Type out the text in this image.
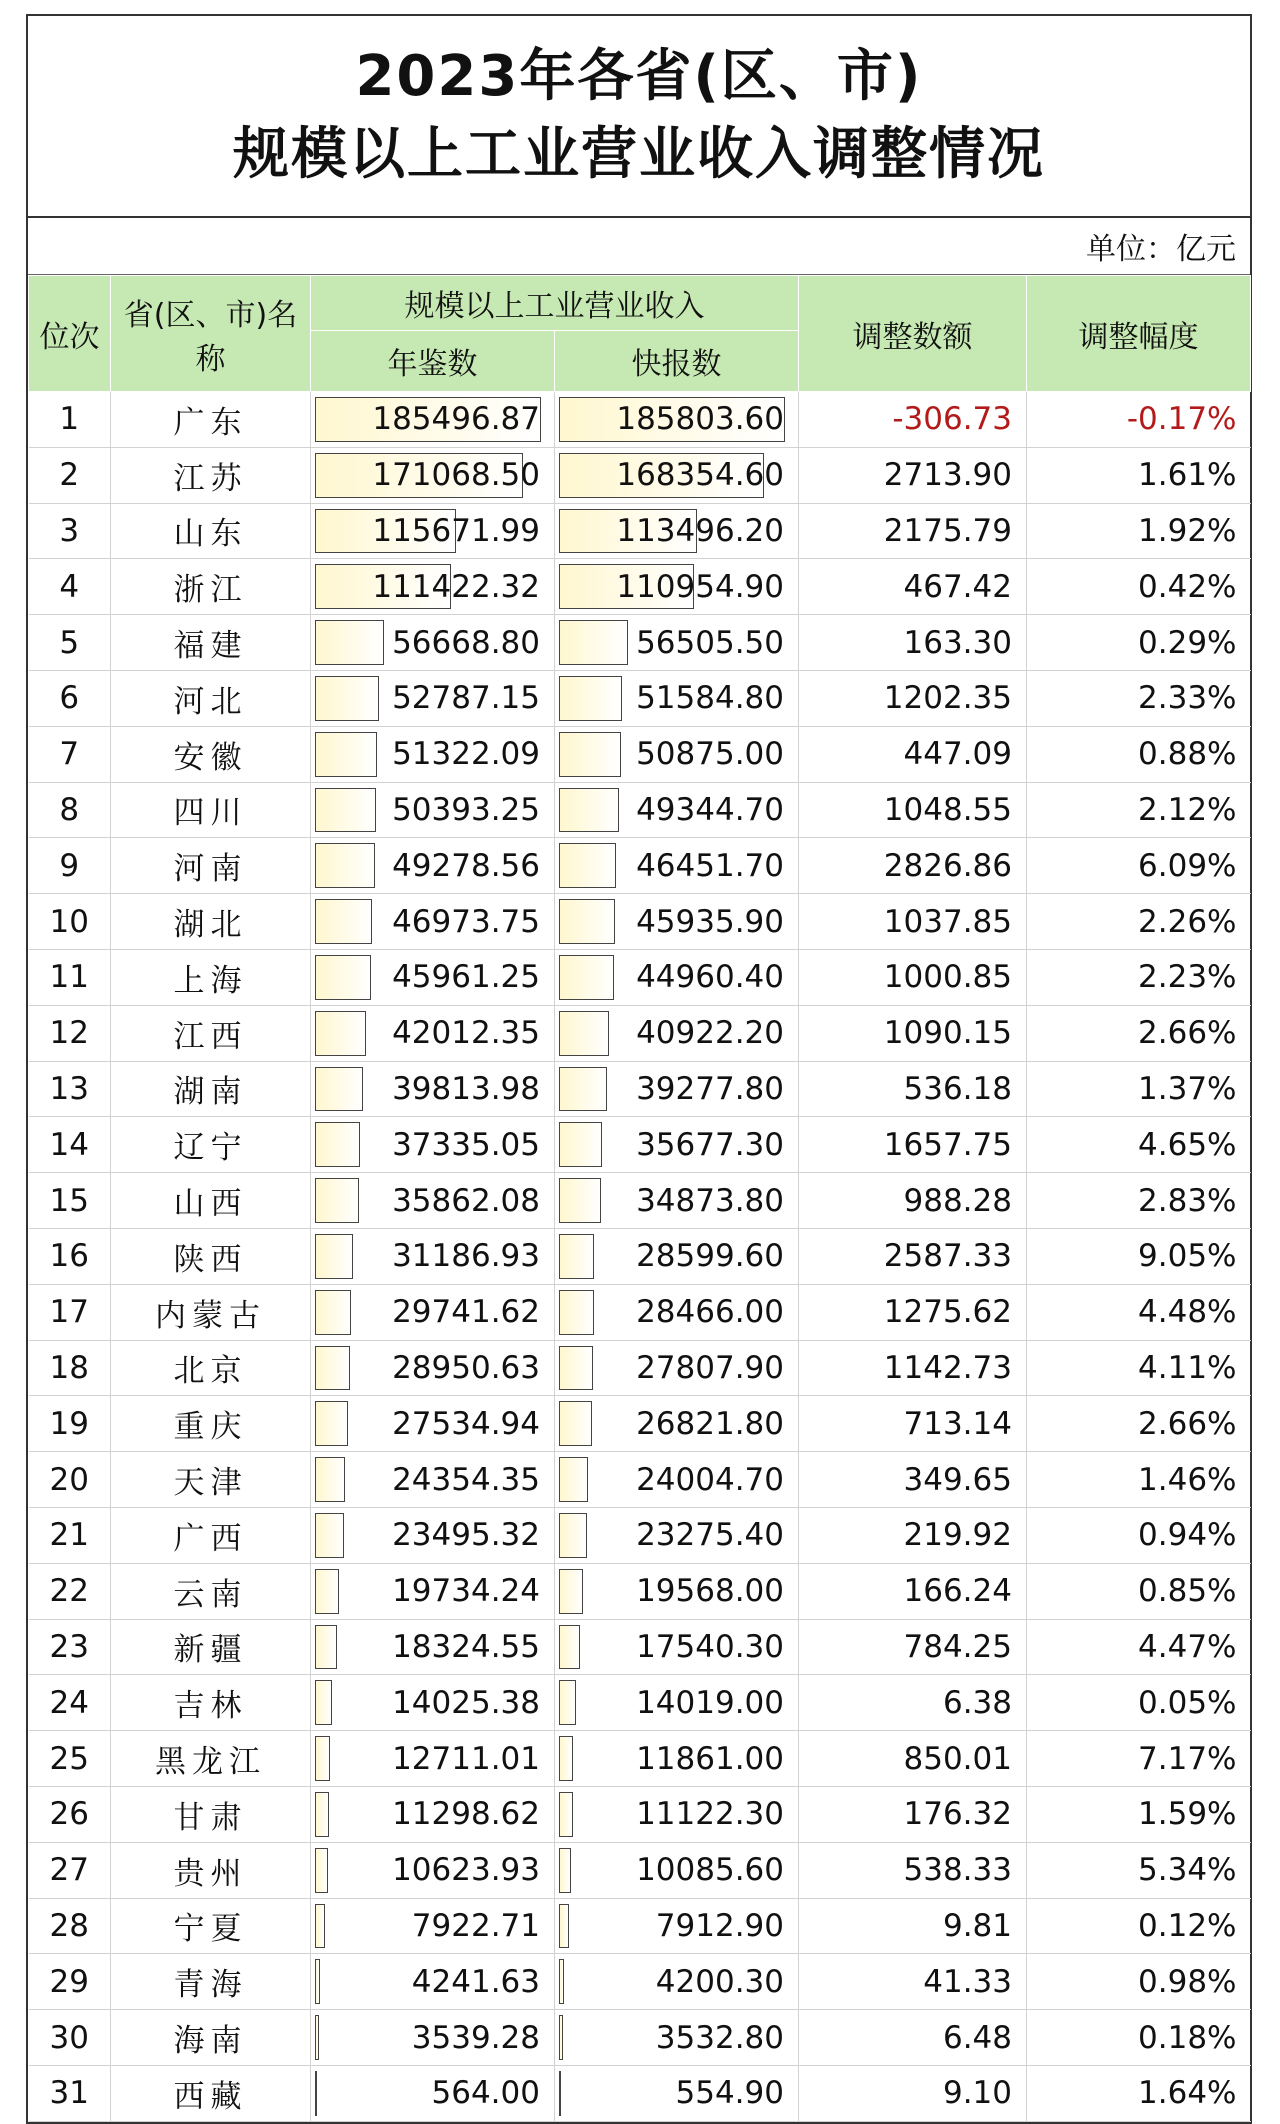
2023年各省(区、市)
规模以上工业营业收入调整情况
单位：亿元
位次	省(区、市)名称	规模以上工业营业收入		调整数额	调整幅度
		年鉴数	快报数		
1	广东	185496.87	185803.60	-306.73	-0.17%
2	江苏	171068.50	168354.60	2713.90	1.61%
3	山东	115671.99	113496.20	2175.79	1.92%
4	浙江	111422.32	110954.90	467.42	0.42%
5	福建	56668.80	56505.50	163.30	0.29%
6	河北	52787.15	51584.80	1202.35	2.33%
7	安徽	51322.09	50875.00	447.09	0.88%
8	四川	50393.25	49344.70	1048.55	2.12%
9	河南	49278.56	46451.70	2826.86	6.09%
10	湖北	46973.75	45935.90	1037.85	2.26%
11	上海	45961.25	44960.40	1000.85	2.23%
12	江西	42012.35	40922.20	1090.15	2.66%
13	湖南	39813.98	39277.80	536.18	1.37%
14	辽宁	37335.05	35677.30	1657.75	4.65%
15	山西	35862.08	34873.80	988.28	2.83%
16	陕西	31186.93	28599.60	2587.33	9.05%
17	内蒙古	29741.62	28466.00	1275.62	4.48%
18	北京	28950.63	27807.90	1142.73	4.11%
19	重庆	27534.94	26821.80	713.14	2.66%
20	天津	24354.35	24004.70	349.65	1.46%
21	广西	23495.32	23275.40	219.92	0.94%
22	云南	19734.24	19568.00	166.24	0.85%
23	新疆	18324.55	17540.30	784.25	4.47%
24	吉林	14025.38	14019.00	6.38	0.05%
25	黑龙江	12711.01	11861.00	850.01	7.17%
26	甘肃	11298.62	11122.30	176.32	1.59%
27	贵州	10623.93	10085.60	538.33	5.34%
28	宁夏	7922.71	7912.90	9.81	0.12%
29	青海	4241.63	4200.30	41.33	0.98%
30	海南	3539.28	3532.80	6.48	0.18%
31	西藏	564.00	554.90	9.10	1.64%
